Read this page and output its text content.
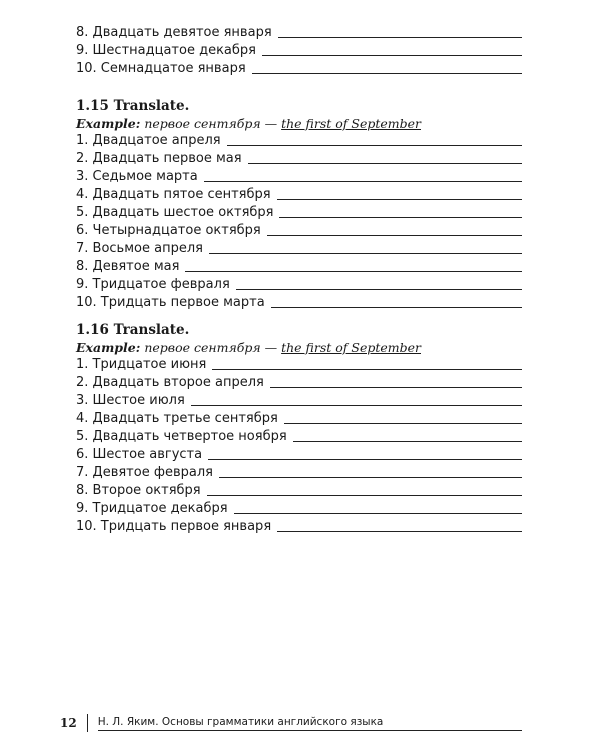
8. Двадцать девятое января
9. Шестнадцатое декабря
10. Семнадцатое января
1.15 Translate.
Example: первое сентября — the first of September
1. Двадцатое апреля
2. Двадцать первое мая
3. Седьмое марта
4. Двадцать пятое сентября
5. Двадцать шестое октября
6. Четырнадцатое октября
7. Восьмое апреля
8. Девятое мая
9. Тридцатое февраля
10. Тридцать первое марта
1.16 Translate.
Example: первое сентября — the first of September
1. Тридцатое июня
2. Двадцать второе апреля
3. Шестое июля
4. Двадцать третье сентября
5. Двадцать четвертое ноября
6. Шестое августа
7. Девятое февраля
8. Второе октября
9. Тридцатое декабря
10. Тридцать первое января
12 Н. Л. Яким. Основы грамматики английского языка
